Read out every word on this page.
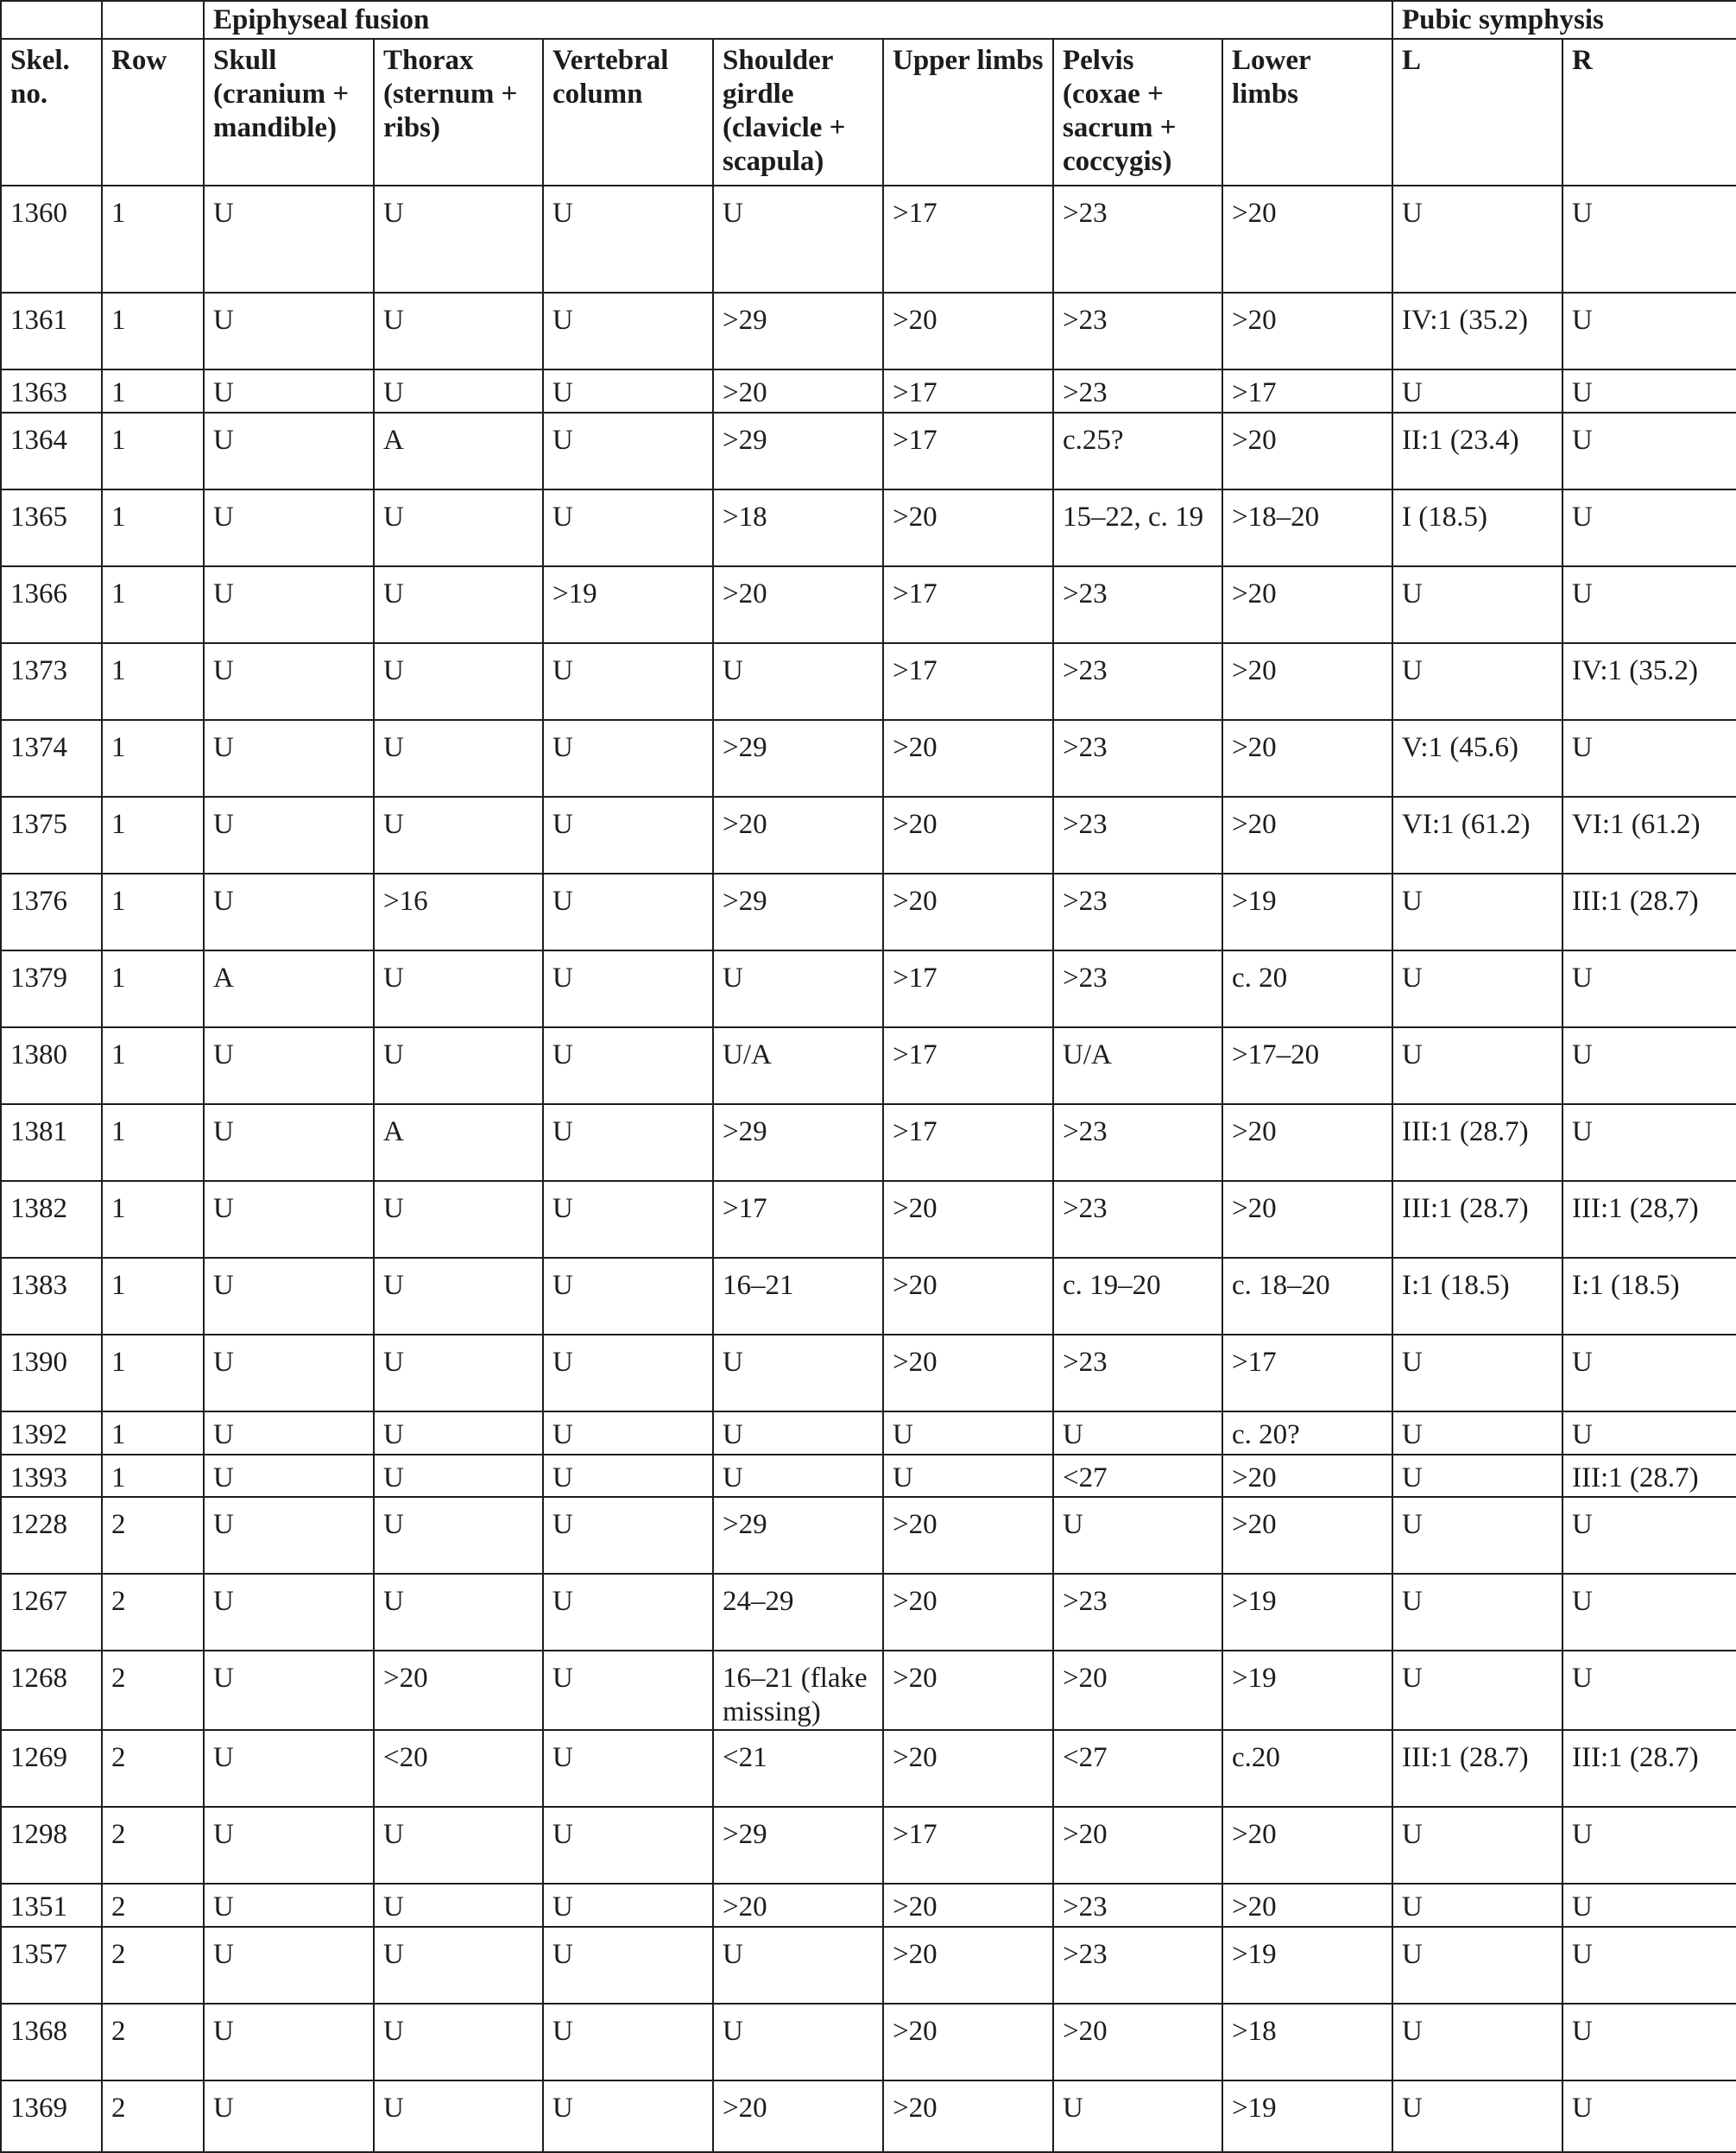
		Epiphyseal fusion							Pubic symphysis	
Skel. no.	Row	Skull (cranium + mandible)	Thorax (sternum + ribs)	Vertebral column	Shoulder girdle (clavicle + scapula)	Upper limbs	Pelvis (coxae + sacrum + coccygis)	Lower limbs	L	R
1360	1	U	U	U	U	>17	>23	>20	U	U
1361	1	U	U	U	>29	>20	>23	>20	IV:1 (35.2)	U
1363	1	U	U	U	>20	>17	>23	>17	U	U
1364	1	U	A	U	>29	>17	c.25?	>20	II:1 (23.4)	U
1365	1	U	U	U	>18	>20	15–22, c. 19	>18–20	I (18.5)	U
1366	1	U	U	>19	>20	>17	>23	>20	U	U
1373	1	U	U	U	U	>17	>23	>20	U	IV:1 (35.2)
1374	1	U	U	U	>29	>20	>23	>20	V:1 (45.6)	U
1375	1	U	U	U	>20	>20	>23	>20	VI:1 (61.2)	VI:1 (61.2)
1376	1	U	>16	U	>29	>20	>23	>19	U	III:1 (28.7)
1379	1	A	U	U	U	>17	>23	c. 20	U	U
1380	1	U	U	U	U/A	>17	U/A	>17–20	U	U
1381	1	U	A	U	>29	>17	>23	>20	III:1 (28.7)	U
1382	1	U	U	U	>17	>20	>23	>20	III:1 (28.7)	III:1 (28,7)
1383	1	U	U	U	16–21	>20	c. 19–20	c. 18–20	I:1 (18.5)	I:1 (18.5)
1390	1	U	U	U	U	>20	>23	>17	U	U
1392	1	U	U	U	U	U	U	c. 20?	U	U
1393	1	U	U	U	U	U	<27	>20	U	III:1 (28.7)
1228	2	U	U	U	>29	>20	U	>20	U	U
1267	2	U	U	U	24–29	>20	>23	>19	U	U
1268	2	U	>20	U	16–21 (flake missing)	>20	>20	>19	U	U
1269	2	U	<20	U	<21	>20	<27	c.20	III:1 (28.7)	III:1 (28.7)
1298	2	U	U	U	>29	>17	>20	>20	U	U
1351	2	U	U	U	>20	>20	>23	>20	U	U
1357	2	U	U	U	U	>20	>23	>19	U	U
1368	2	U	U	U	U	>20	>20	>18	U	U
1369	2	U	U	U	>20	>20	U	>19	U	U
